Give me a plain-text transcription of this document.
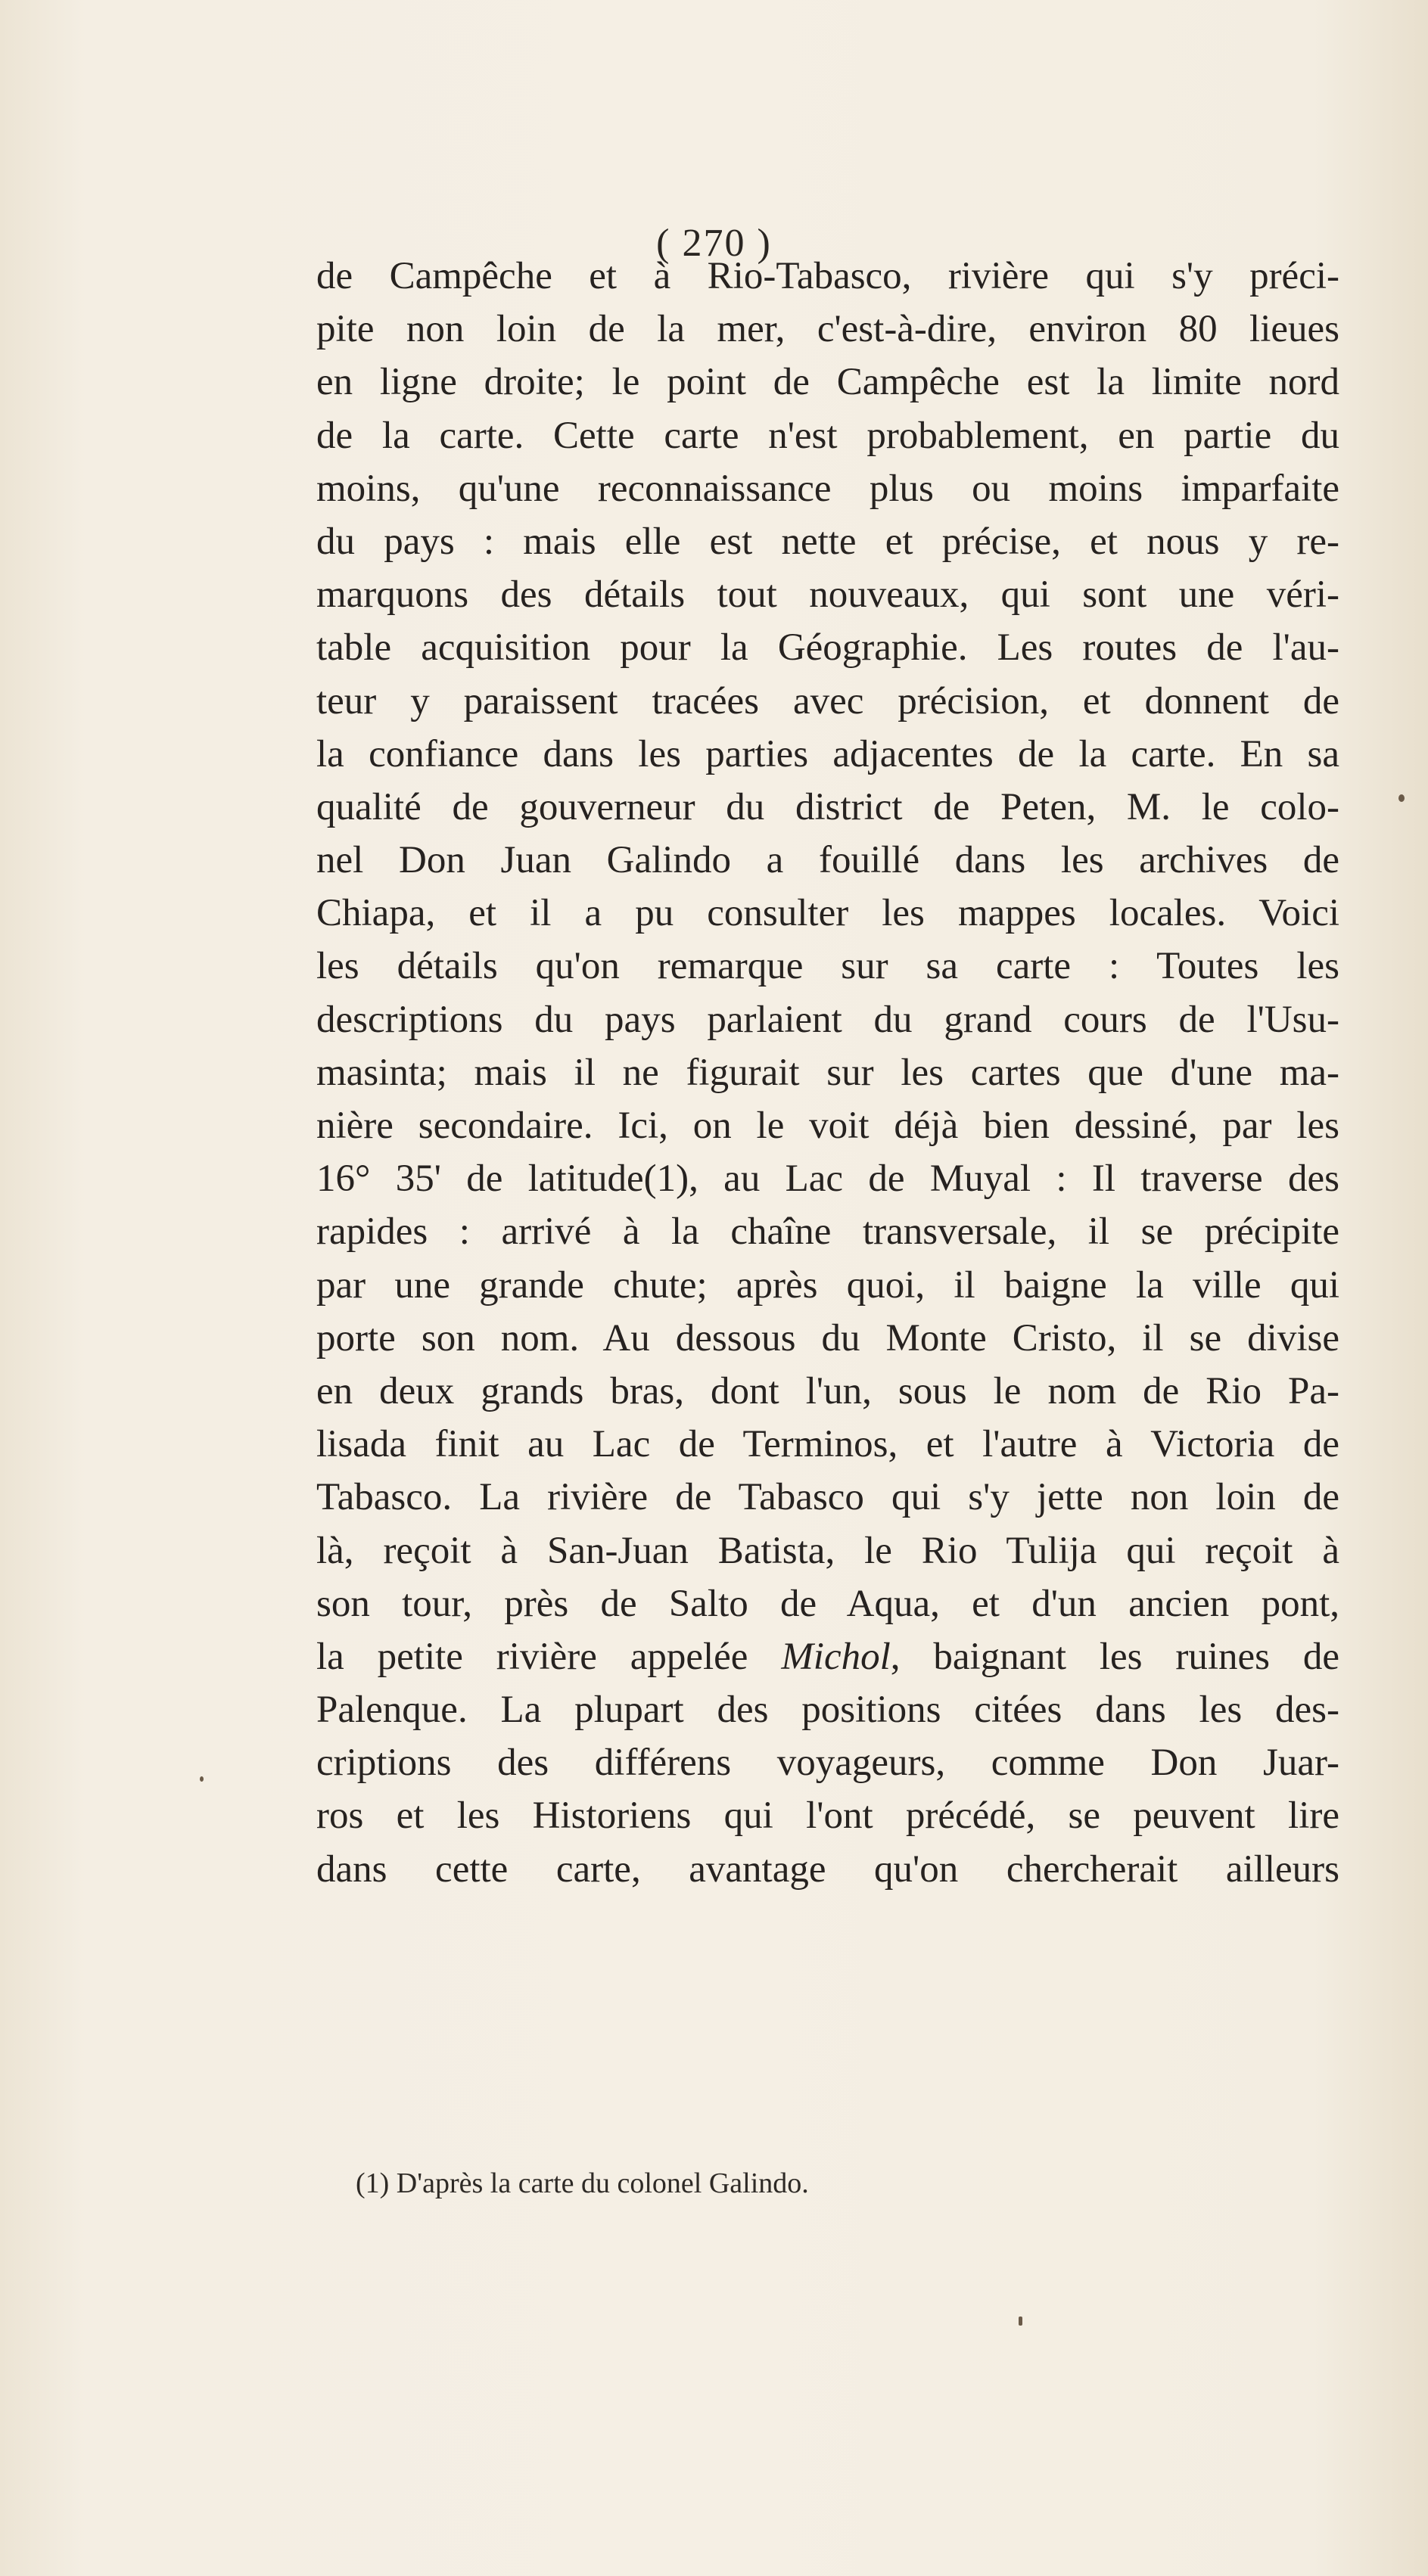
( 270 )
de Campêche et à Rio-Tabasco, rivière qui s'y préci-
pite non loin de la mer, c'est-à-dire, environ 80 lieues
en ligne droite; le point de Campêche est la limite nord
de la carte. Cette carte n'est probablement, en partie du
moins, qu'une reconnaissance plus ou moins imparfaite
du pays : mais elle est nette et précise, et nous y re-
marquons des détails tout nouveaux, qui sont une véri-
table acquisition pour la Géographie. Les routes de l'au-
teur y paraissent tracées avec précision, et donnent de
la confiance dans les parties adjacentes de la carte. En sa
qualité de gouverneur du district de Peten, M. le colo-
nel Don Juan Galindo a fouillé dans les archives de
Chiapa, et il a pu consulter les mappes locales. Voici
les détails qu'on remarque sur sa carte : Toutes les
descriptions du pays parlaient du grand cours de l'Usu-
masinta; mais il ne figurait sur les cartes que d'une ma-
nière secondaire. Ici, on le voit déjà bien dessiné, par les
16° 35' de latitude(1), au Lac de Muyal : Il traverse des
rapides : arrivé à la chaîne transversale, il se précipite
par une grande chute; après quoi, il baigne la ville qui
porte son nom. Au dessous du Monte Cristo, il se divise
en deux grands bras, dont l'un, sous le nom de Rio Pa-
lisada finit au Lac de Terminos, et l'autre à Victoria de
Tabasco. La rivière de Tabasco qui s'y jette non loin de
là, reçoit à San-Juan Batista, le Rio Tulija qui reçoit à
son tour, près de Salto de Aqua, et d'un ancien pont,
la petite rivière appelée Michol, baignant les ruines de
Palenque. La plupart des positions citées dans les des-
criptions des différens voyageurs, comme Don Juar-
ros et les Historiens qui l'ont précédé, se peuvent lire
dans cette carte, avantage qu'on chercherait ailleurs
(1) D'après la carte du colonel Galindo.
